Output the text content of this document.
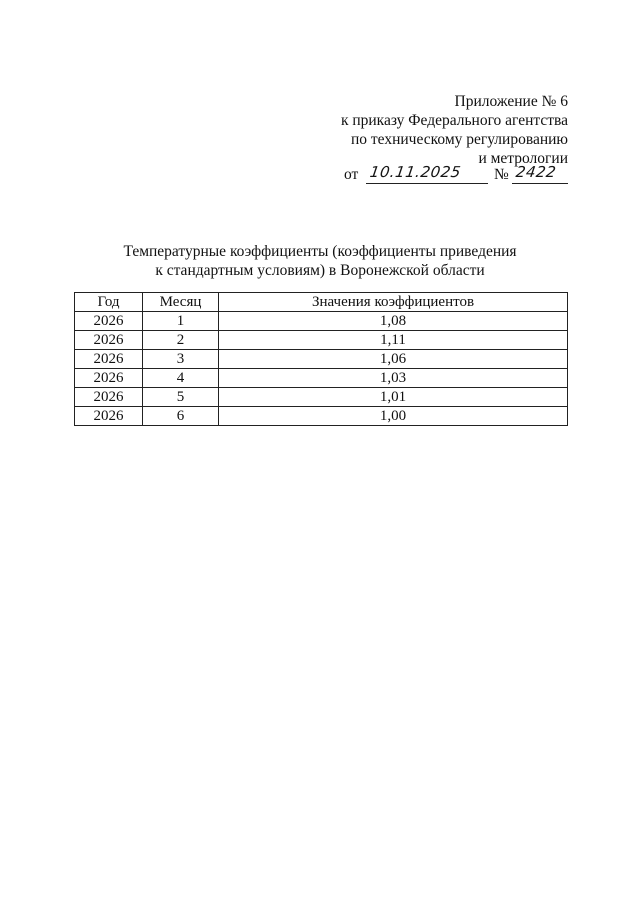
Приложение № 6
к приказу Федерального агентства
по техническому регулированию
и метрологии
от 10.11.2025 № 2422
Температурные коэффициенты (коэффициенты приведения
к стандартным условиям) в Воронежской области
Год	Месяц	Значения коэффициентов
2026	1	1,08
2026	2	1,11
2026	3	1,06
2026	4	1,03
2026	5	1,01
2026	6	1,00
